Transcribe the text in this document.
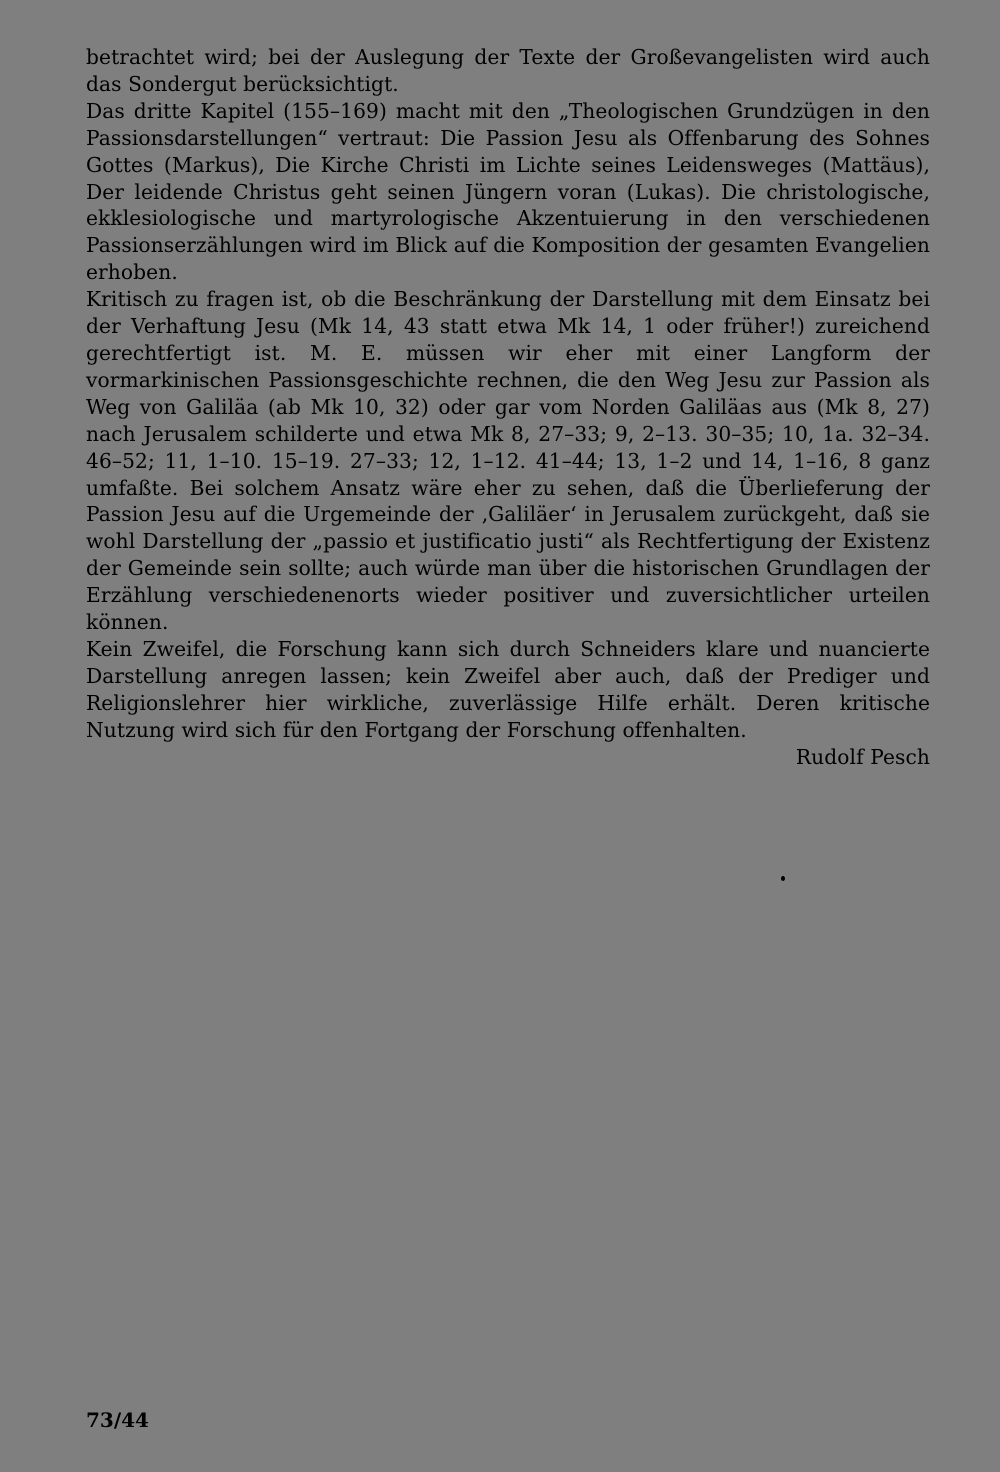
betrachtet wird; bei der Auslegung der Texte der Großevangelisten wird auch das Sondergut berücksichtigt.

Das dritte Kapitel (155–169) macht mit den „Theologischen Grundzügen in den Passionsdarstellungen“ vertraut: Die Passion Jesu als Offenbarung des Sohnes Gottes (Markus), Die Kirche Christi im Lichte seines Leidensweges (Mattäus), Der leidende Christus geht seinen Jüngern voran (Lukas). Die christologische, ekklesiologische und martyrologische Akzentuierung in den verschiedenen Passionserzählungen wird im Blick auf die Komposition der gesamten Evangelien erhoben.

Kritisch zu fragen ist, ob die Beschränkung der Darstellung mit dem Einsatz bei der Verhaftung Jesu (Mk 14, 43 statt etwa Mk 14, 1 oder früher!) zureichend gerechtfertigt ist. M. E. müssen wir eher mit einer Langform der vormarkinischen Passionsgeschichte rechnen, die den Weg Jesu zur Passion als Weg von Galiläa (ab Mk 10, 32) oder gar vom Norden Galiläas aus (Mk 8, 27) nach Jerusalem schilderte und etwa Mk 8, 27–33; 9, 2–13. 30–35; 10, 1a. 32–34. 46–52; 11, 1–10. 15–19. 27–33; 12, 1–12. 41–44; 13, 1–2 und 14, 1–16, 8 ganz umfaßte. Bei solchem Ansatz wäre eher zu sehen, daß die Überlieferung der Passion Jesu auf die Urgemeinde der ‚Galiläer‘ in Jerusalem zurückgeht, daß sie wohl Darstellung der „passio et justificatio justi“ als Rechtfertigung der Existenz der Gemeinde sein sollte; auch würde man über die historischen Grundlagen der Erzählung verschiedenenorts wieder positiver und zuversichtlicher urteilen können.

Kein Zweifel, die Forschung kann sich durch Schneiders klare und nuancierte Darstellung anregen lassen; kein Zweifel aber auch, daß der Prediger und Religionslehrer hier wirkliche, zuverlässige Hilfe erhält. Deren kritische Nutzung wird sich für den Fortgang der Forschung offenhalten.

Rudolf Pesch

73/44
